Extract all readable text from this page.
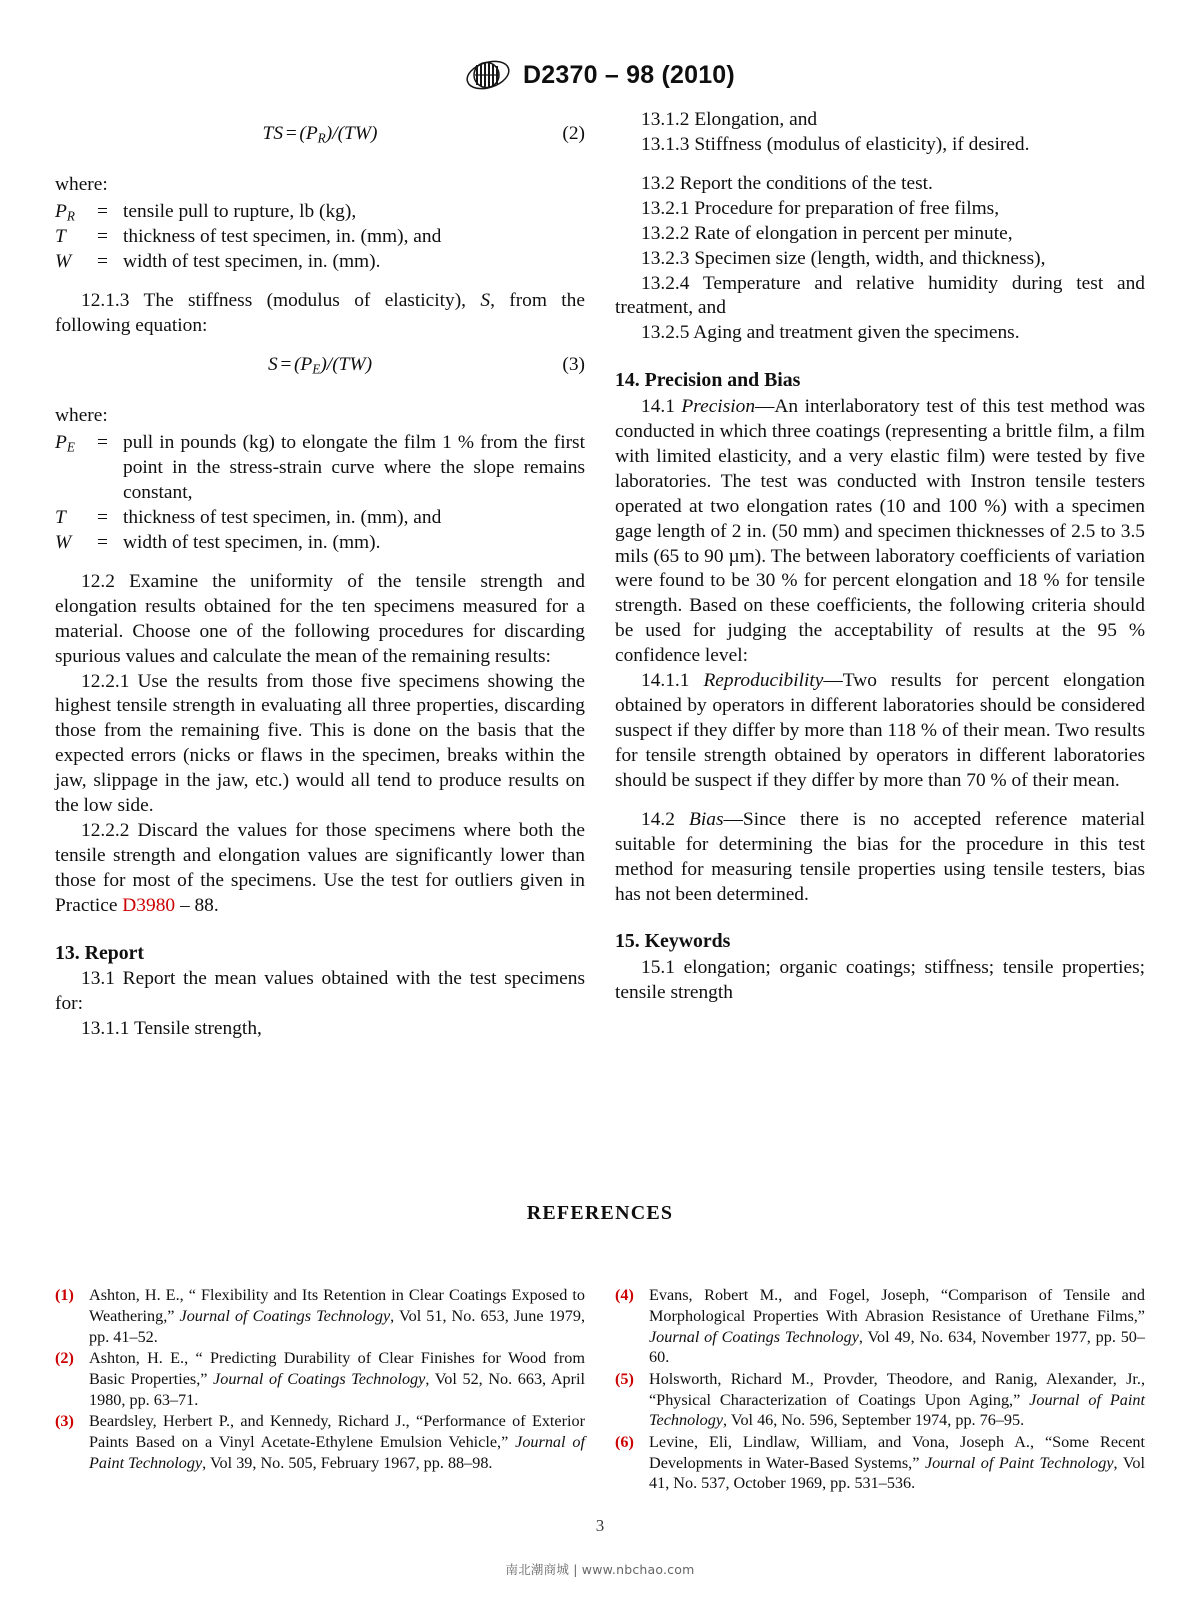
D2370 – 98 (2010)
TS = $(P_R)/(TW)$	(2)

where:

$P_R$	=	tensile pull to rupture, lb (kg),
T	=	thickness of test specimen, in. (mm), and
W	=	width of test specimen, in. (mm).

12.1.3 The stiffness (modulus of elasticity), S, from the following equation:

S = $(P_E)/(TW)$	(3)

where:

$P_E$	=	pull in pounds (kg) to elongate the film 1 % from the first point in the stress-strain curve where the slope remains constant,
T	=	thickness of test specimen, in. (mm), and
W	=	width of test specimen, in. (mm).

12.2 Examine the uniformity of the tensile strength and elongation results obtained for the ten specimens measured for a material. Choose one of the following procedures for discarding spurious values and calculate the mean of the remaining results:

12.2.1 Use the results from those five specimens showing the highest tensile strength in evaluating all three properties, discarding those from the remaining five. This is done on the basis that the expected errors (nicks or flaws in the specimen, breaks within the jaw, slippage in the jaw, etc.) would all tend to produce results on the low side.

12.2.2 Discard the values for those specimens where both the tensile strength and elongation values are significantly lower than those for most of the specimens. Use the test for outliers given in Practice D3980 – 88.

13. Report

13.1 Report the mean values obtained with the test specimens for:

13.1.1 Tensile strength,

13.1.2 Elongation, and

13.1.3 Stiffness (modulus of elasticity), if desired.

13.2 Report the conditions of the test.

13.2.1 Procedure for preparation of free films,

13.2.2 Rate of elongation in percent per minute,

13.2.3 Specimen size (length, width, and thickness),

13.2.4 Temperature and relative humidity during test and treatment, and

13.2.5 Aging and treatment given the specimens.

14. Precision and Bias

14.1 Precision—An interlaboratory test of this test method was conducted in which three coatings (representing a brittle film, a film with limited elasticity, and a very elastic film) were tested by five laboratories. The test was conducted with Instron tensile testers operated at two elongation rates (10 and 100 %) with a specimen gage length of 2 in. (50 mm) and specimen thicknesses of 2.5 to 3.5 mils (65 to 90 µm). The between laboratory coefficients of variation were found to be 30 % for percent elongation and 18 % for tensile strength. Based on these coefficients, the following criteria should be used for judging the acceptability of results at the 95 % confidence level:

14.1.1 Reproducibility—Two results for percent elongation obtained by operators in different laboratories should be considered suspect if they differ by more than 118 % of their mean. Two results for tensile strength obtained by operators in different laboratories should be suspect if they differ by more than 70 % of their mean.

14.2 Bias—Since there is no accepted reference material suitable for determining the bias for the procedure in this test method for measuring tensile properties using tensile testers, bias has not been determined.

15. Keywords

15.1 elongation; organic coatings; stiffness; tensile properties; tensile strength

REFERENCES
(1) Ashton, H. E., “ Flexibility and Its Retention in Clear Coatings Exposed to Weathering,” Journal of Coatings Technology, Vol 51, No. 653, June 1979, pp. 41–52.
(2) Ashton, H. E., “ Predicting Durability of Clear Finishes for Wood from Basic Properties,” Journal of Coatings Technology, Vol 52, No. 663, April 1980, pp. 63–71.
(3) Beardsley, Herbert P., and Kennedy, Richard J., “Performance of Exterior Paints Based on a Vinyl Acetate-Ethylene Emulsion Vehicle,” Journal of Paint Technology, Vol 39, No. 505, February 1967, pp. 88–98.
(4) Evans, Robert M., and Fogel, Joseph, “Comparison of Tensile and Morphological Properties With Abrasion Resistance of Urethane Films,” Journal of Coatings Technology, Vol 49, No. 634, November 1977, pp. 50–60.
(5) Holsworth, Richard M., Provder, Theodore, and Ranig, Alexander, Jr., “Physical Characterization of Coatings Upon Aging,” Journal of Paint Technology, Vol 46, No. 596, September 1974, pp. 76–95.
(6) Levine, Eli, Lindlaw, William, and Vona, Joseph A., “Some Recent Developments in Water-Based Systems,” Journal of Paint Technology, Vol 41, No. 537, October 1969, pp. 531–536.
3
南北潮商城 | www.nbchao.com
